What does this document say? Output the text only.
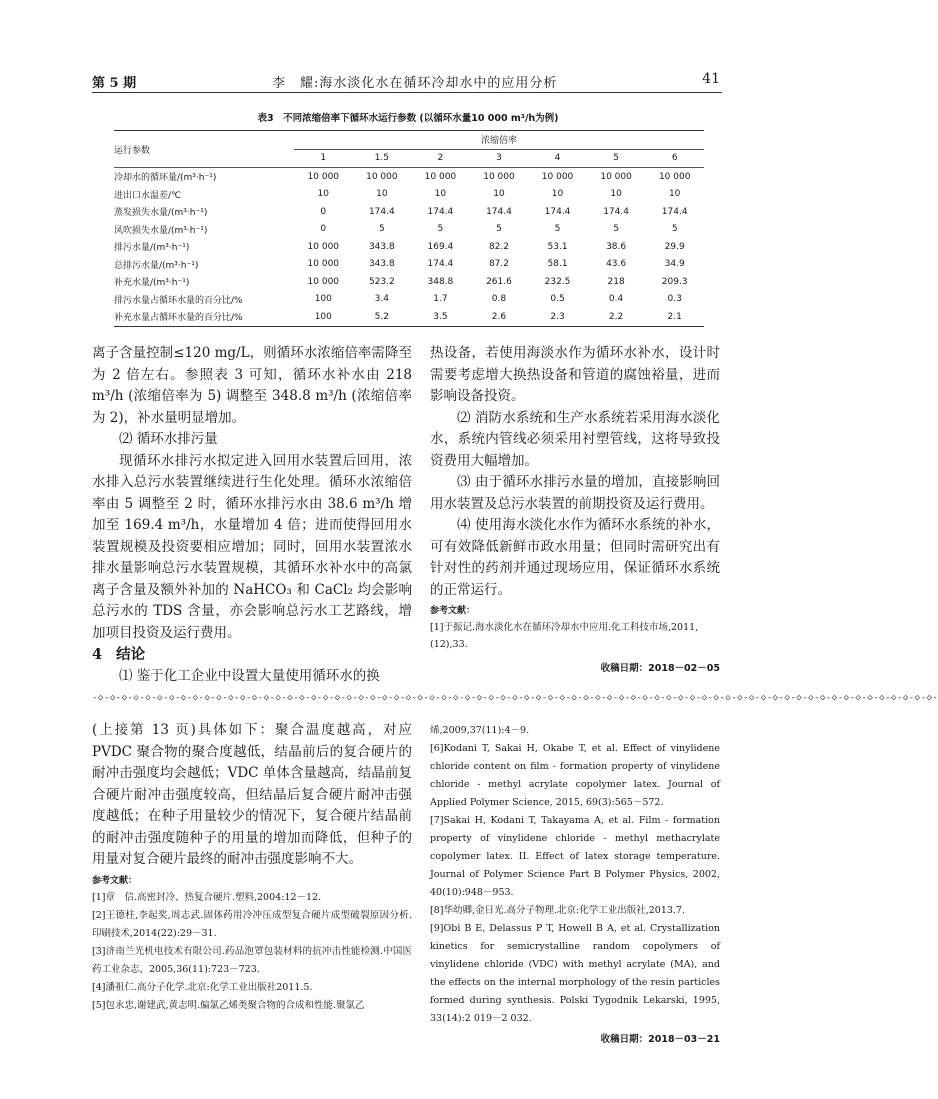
第 5 期	李　耀:海水淡化水在循环冷却水中的应用分析	41
表3　不同浓缩倍率下循环水运行参数 (以循环水量10 000 m³/h为例)
运行参数	浓缩倍率						
	1	1.5	2	3	4	5	6
冷却水的循环量/(m³·h⁻¹)	10 000	10 000	10 000	10 000	10 000	10 000	10 000
进出口水温差/℃	10	10	10	10	10	10	10
蒸发损失水量/(m³·h⁻¹)	0	174.4	174.4	174.4	174.4	174.4	174.4
风吹损失水量/(m³·h⁻¹)	0	5	5	5	5	5	5
排污水量/(m³·h⁻¹)	10 000	343.8	169.4	82.2	53.1	38.6	29.9
总排污水量/(m³·h⁻¹)	10 000	343.8	174.4	87.2	58.1	43.6	34.9
补充水量/(m³·h⁻¹)	10 000	523.2	348.8	261.6	232.5	218	209.3
排污水量占循环水量的百分比/%	100	3.4	1.7	0.8	0.5	0.4	0.3
补充水量占循环水量的百分比/%	100	5.2	3.5	2.6	2.3	2.2	2.1

离子含量控制≤120 mg/L，则循环水浓缩倍率需降至为 2 倍左右。参照表 3 可知，循环水补水由 218 m³/h (浓缩倍率为 5) 调整至 348.8 m³/h (浓缩倍率为 2)，补水量明显增加。

⑵ 循环水排污量

现循环水排污水拟定进入回用水装置后回用，浓水排入总污水装置继续进行生化处理。循环水浓缩倍率由 5 调整至 2 时，循环水排污水由 38.6 m³/h 增加至 169.4 m³/h，水量增加 4 倍；进而使得回用水装置规模及投资要相应增加；同时，回用水装置浓水排水量影响总污水装置规模，其循环水补水中的高氯离子含量及额外补加的 NaHCO₃ 和 CaCl₂ 均会影响总污水的 TDS 含量，亦会影响总污水工艺路线，增加项目投资及运行费用。

4 结论

⑴ 鉴于化工企业中设置大量使用循环水的换

热设备，若使用海淡水作为循环水补水，设计时需要考虑增大换热设备和管道的腐蚀裕量，进而影响设备投资。

⑵ 消防水系统和生产水系统若采用海水淡化水，系统内管线必须采用衬塑管线，这将导致投资费用大幅增加。

⑶ 由于循环水排污水量的增加，直接影响回用水装置及总污水装置的前期投资及运行费用。

⑷ 使用海水淡化水作为循环水系统的补水，可有效降低新鲜市政水用量；但同时需研究出有针对性的药剂并通过现场应用，保证循环水系统的正常运行。

参考文献：
[1]于振记.海水淡化水在循环冷却水中应用.化工科技市场,2011,(12),33.
收稿日期：2018－02－05
-◇-◇-◇-◇-◇-◇-◇-◇-◇-◇-◇-◇-◇-◇-◇-◇-◇-◇-◇-◇-◇-◇-◇-◇-◇-◇-◇-◇-◇-◇-◇-◇-◇-◇-◇-◇-◇-◇-◇-◇-◇-◇-◇-◇-◇-◇-◇-◇-◇-◇-◇-◇-◇-◇-◇-◇-◇-◇-◇-◇-◇-◇-◇-◇-◇-◇-◇-◇-◇-◇-◇-

(上接第 13 页)具体如下：聚合温度越高，对应 PVDC 聚合物的聚合度越低，结晶前后的复合硬片的耐冲击强度均会越低；VDC 单体含量越高，结晶前复合硬片耐冲击强度较高，但结晶后复合硬片耐冲击强度越低；在种子用量较少的情况下，复合硬片结晶前的耐冲击强度随种子的用量的增加而降低，但种子的用量对复合硬片最终的耐冲击强度影响不大。

参考文献：

[1]章　信.高密封冷、热复合硬片.塑料,2004:12－12.

[2]王德柱,李起奖,周志武.固体药用冷冲压成型复合硬片成型破裂原因分析.印刷技术,2014(22):29－31.

[3]济南兰光机电技术有限公司.药品泡罩包装材料的抗冲击性能检测.中国医药工业杂志，2005,36(11):723－723.

[4]潘祖仁.高分子化学.北京:化学工业出版社2011.5.

[5]包永忠,谢建武,黄志明.偏氯乙烯类聚合物的合成和性能.聚氯乙

烯,2009,37(11):4－9.

[6]Kodani T, Sakai H, Okabe T, et al. Effect of vinylidene chloride content on film - formation property of vinylidene chloride - methyl acrylate copolymer latex. Journal of Applied Polymer Science, 2015, 69(3):565－572.

[7]Sakai H, Kodani T, Takayama A, et al. Film - formation property of vinylidene chloride - methyl methacrylate copolymer latex. II. Effect of latex storage temperature. Journal of Polymer Science Part B Polymer Physics, 2002, 40(10):948－953.

[8]华幼卿,金日光.高分子物理.北京:化学工业出版社,2013.7.

[9]Obi B E, Delassus P T, Howell B A, et al. Crystallization kinetics for semicrystalline random copolymers of vinylidene chloride (VDC) with methyl acrylate (MA), and the effects on the internal morphology of the resin particles formed during synthesis. Polski Tygodnik Lekarski, 1995, 33(14):2 019－2 032.

收稿日期：2018－03－21
